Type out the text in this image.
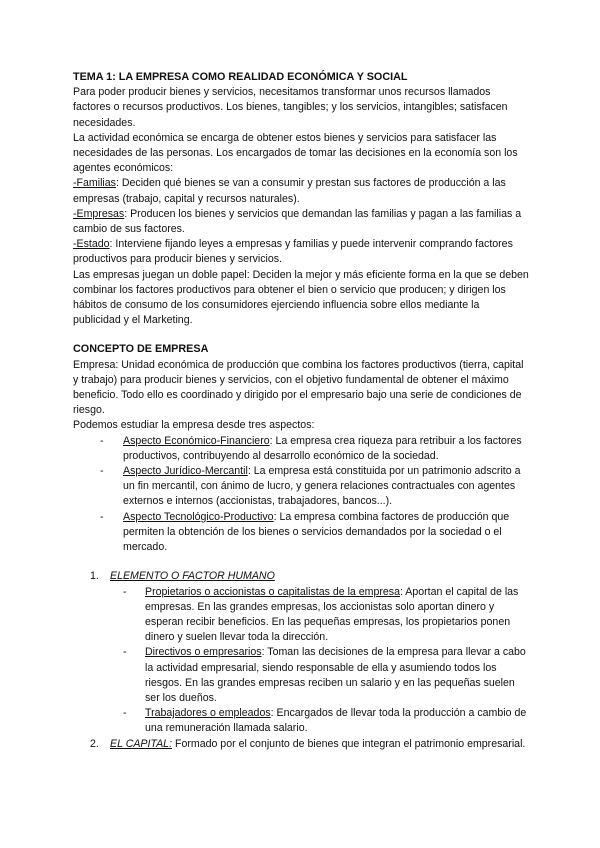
TEMA 1: LA EMPRESA COMO REALIDAD ECONÓMICA Y SOCIAL

Para poder producir bienes y servicios, necesitamos transformar unos recursos llamados factores o recursos productivos. Los bienes, tangibles; y los servicios, intangibles; satisfacen necesidades.

La actividad económica se encarga de obtener estos bienes y servicios para satisfacer las necesidades de las personas. Los encargados de tomar las decisiones en la economía son los agentes económicos:

-Familias: Deciden qué bienes se van a consumir y prestan sus factores de producción a las empresas (trabajo, capital y recursos naturales).

-Empresas: Producen los bienes y servicios que demandan las familias y pagan a las familias a cambio de sus factores.

-Estado: Interviene fijando leyes a empresas y familias y puede intervenir comprando factores productivos para producir bienes y servicios.

Las empresas juegan un doble papel: Deciden la mejor y más eficiente forma en la que se deben combinar los factores productivos para obtener el bien o servicio que producen; y dirigen los hábitos de consumo de los consumidores ejerciendo influencia sobre ellos mediante la publicidad y el Marketing.

CONCEPTO DE EMPRESA

Empresa: Unidad económica de producción que combina los factores productivos (tierra, capital y trabajo) para producir bienes y servicios, con el objetivo fundamental de obtener el máximo beneficio. Todo ello es coordinado y dirigido por el empresario bajo una serie de condiciones de riesgo.

Podemos estudiar la empresa desde tres aspectos:

- Aspecto Económico-Financiero: La empresa crea riqueza para retribuir a los factores productivos, contribuyendo al desarrollo económico de la sociedad.
- Aspecto Jurídico-Mercantil: La empresa está constituida por un patrimonio adscrito a un fin mercantil, con ánimo de lucro, y genera relaciones contractuales con agentes externos e internos (accionistas, trabajadores, bancos...).
- Aspecto Tecnológico-Productivo: La empresa combina factores de producción que permiten la obtención de los bienes o servicios demandados por la sociedad o el mercado.
1. ELEMENTO O FACTOR HUMANO
- Propietarios o accionistas o capitalistas de la empresa: Aportan el capital de las empresas. En las grandes empresas, los accionistas solo aportan dinero y esperan recibir beneficios. En las pequeñas empresas, los propietarios ponen dinero y suelen llevar toda la dirección.
- Directivos o empresarios: Toman las decisiones de la empresa para llevar a cabo la actividad empresarial, siendo responsable de ella y asumiendo todos los riesgos. En las grandes empresas reciben un salario y en las pequeñas suelen ser los dueños.
- Trabajadores o empleados: Encargados de llevar toda la producción a cambio de una remuneración llamada salario.
2. EL CAPITAL: Formado por el conjunto de bienes que integran el patrimonio empresarial.
